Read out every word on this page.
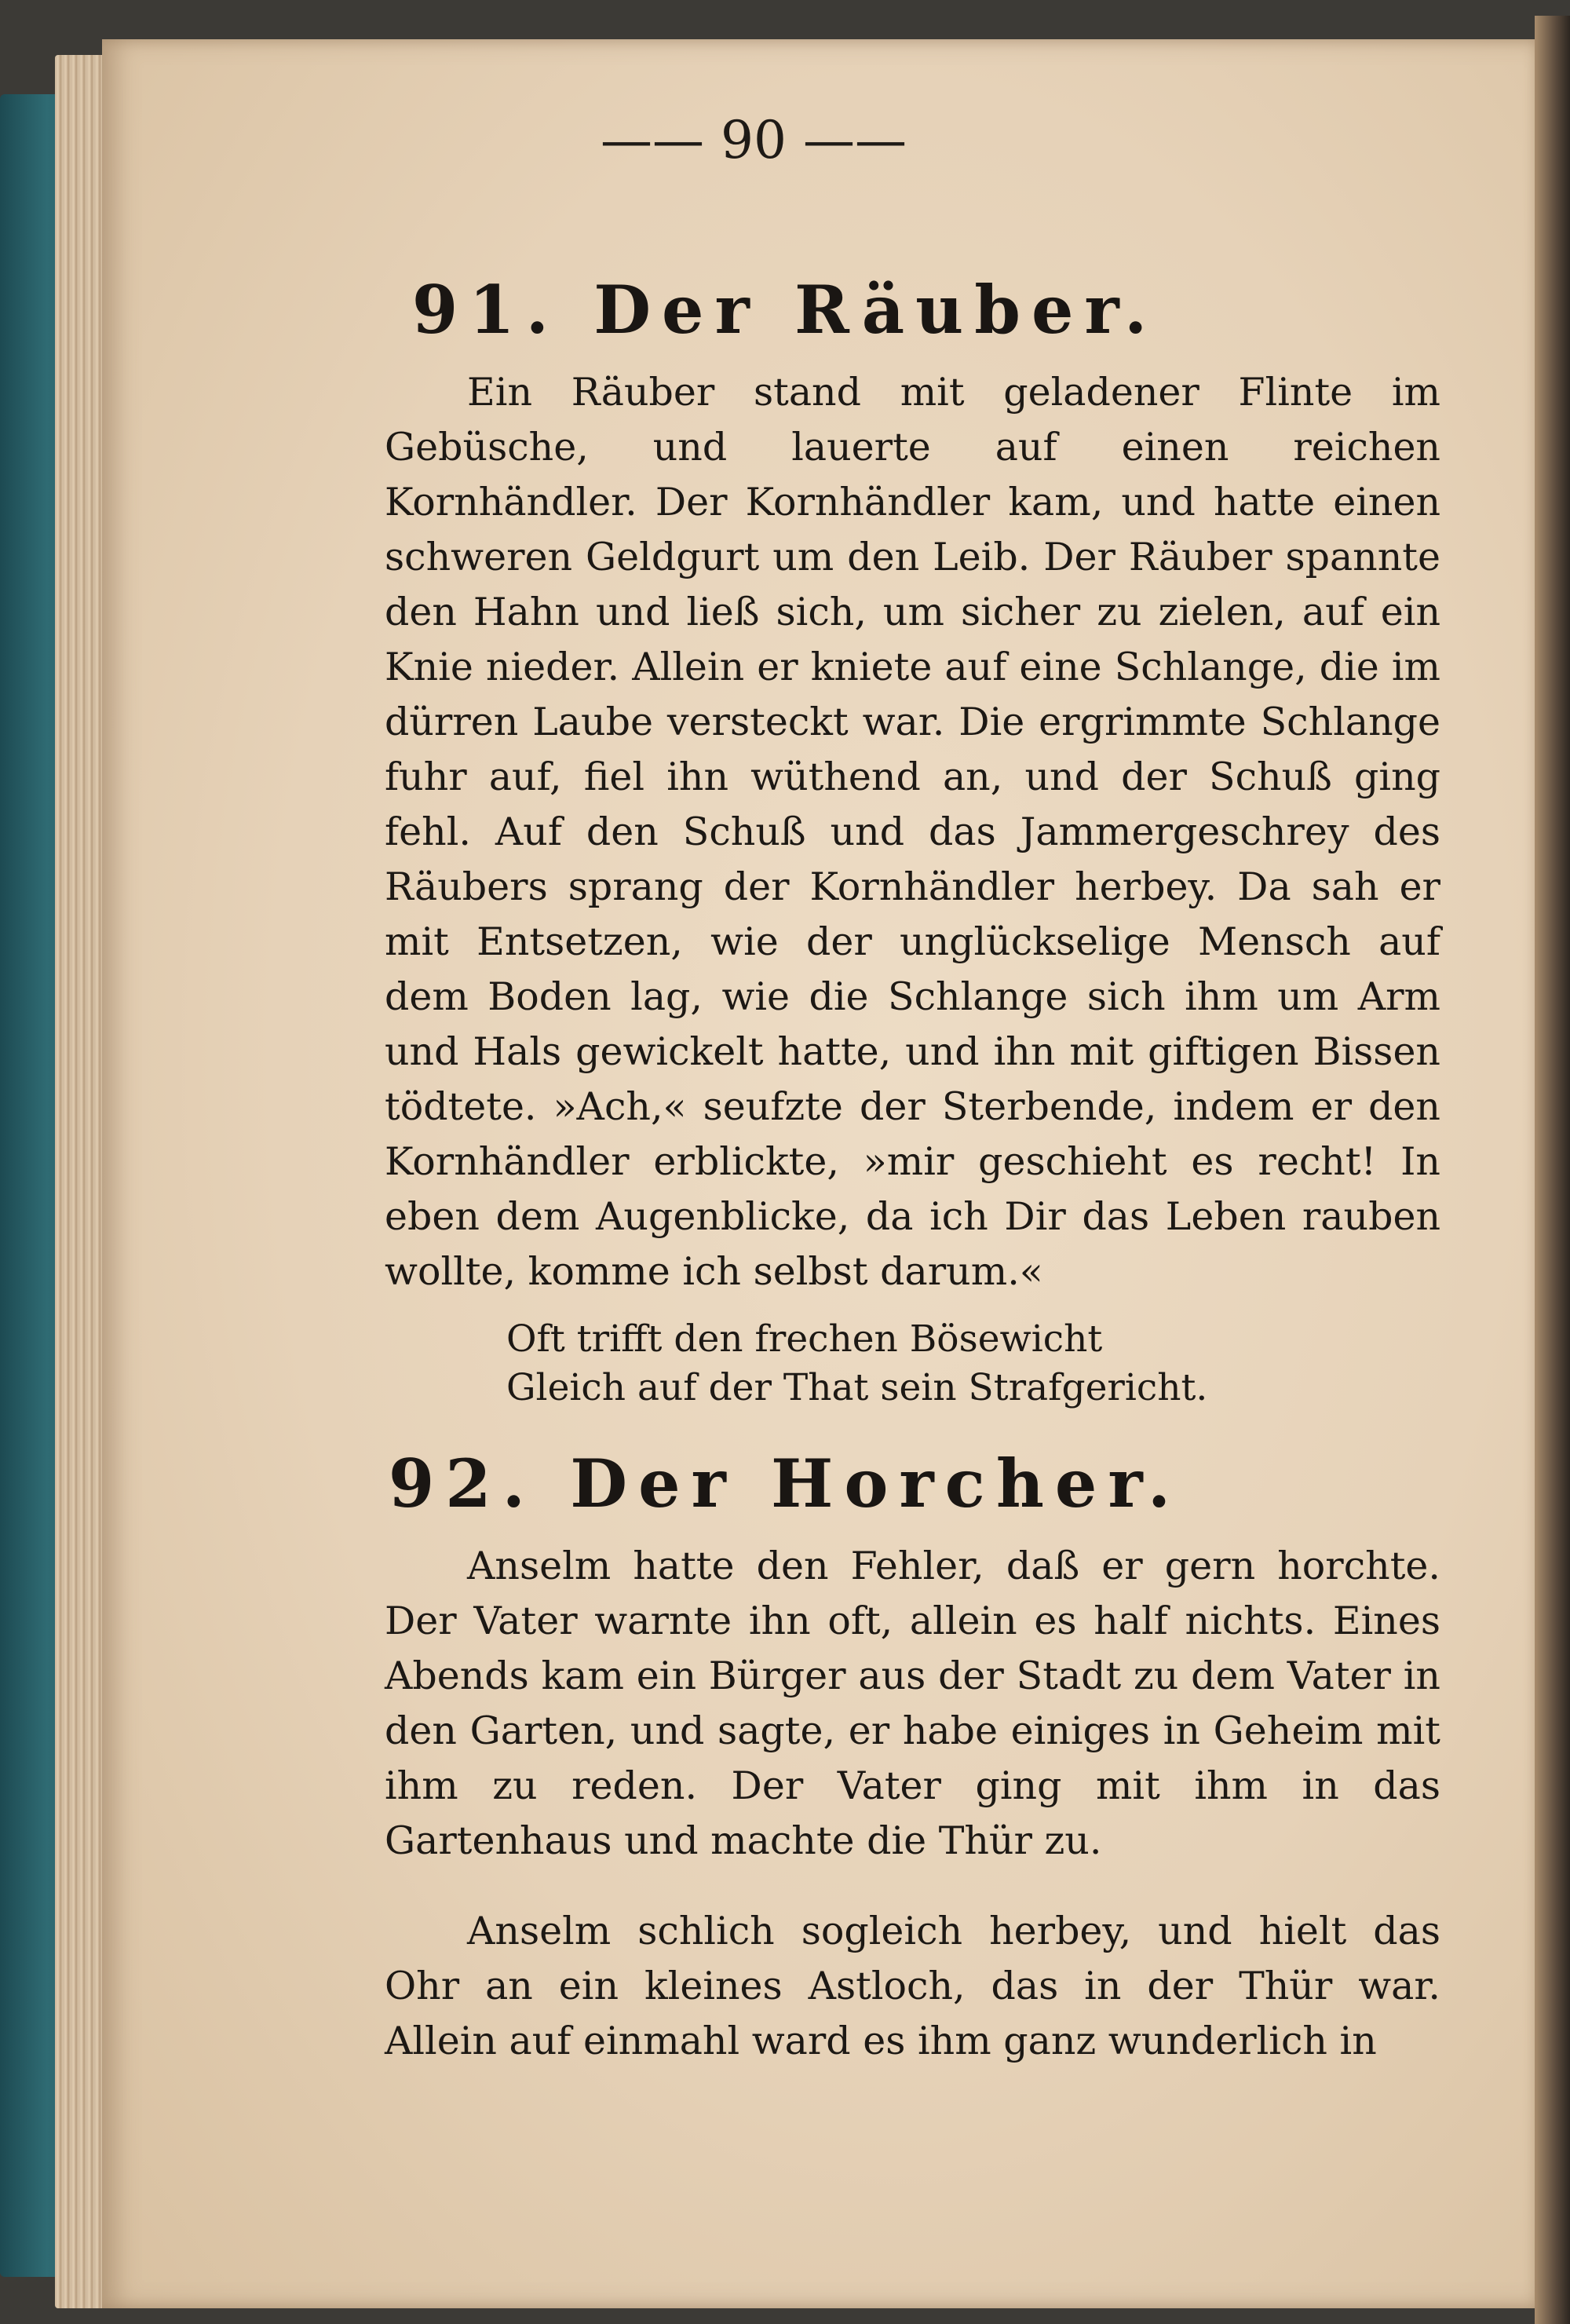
—— 90 ——
91. Der Räuber.

Ein Räuber stand mit geladener Flinte im Gebüsche, und lauerte auf einen reichen Kornhändler. Der Kornhändler kam, und hatte einen schweren Geldgurt um den Leib. Der Räuber spannte den Hahn und ließ sich, um sicher zu zielen, auf ein Knie nieder. Allein er kniete auf eine Schlange, die im dürren Laube versteckt war. Die ergrimmte Schlange fuhr auf, fiel ihn wüthend an, und der Schuß ging fehl. Auf den Schuß und das Jammergeschrey des Räubers sprang der Kornhändler herbey. Da sah er mit Entsetzen, wie der unglückselige Mensch auf dem Boden lag, wie die Schlange sich ihm um Arm und Hals gewickelt hatte, und ihn mit giftigen Bissen tödtete. »Ach,« seufzte der Sterbende, indem er den Kornhändler erblickte, »mir geschieht es recht! In eben dem Augenblicke, da ich Dir das Leben rauben wollte, komme ich selbst darum.«

Oft trifft den frechen Bösewicht
Gleich auf der That sein Strafgericht.
92. Der Horcher.

Anselm hatte den Fehler, daß er gern horchte. Der Vater warnte ihn oft, allein es half nichts. Eines Abends kam ein Bürger aus der Stadt zu dem Vater in den Garten, und sagte, er habe einiges in Geheim mit ihm zu reden. Der Vater ging mit ihm in das Gartenhaus und machte die Thür zu.

Anselm schlich sogleich herbey, und hielt das Ohr an ein kleines Astloch, das in der Thür war. Allein auf einmahl ward es ihm ganz wunderlich in
